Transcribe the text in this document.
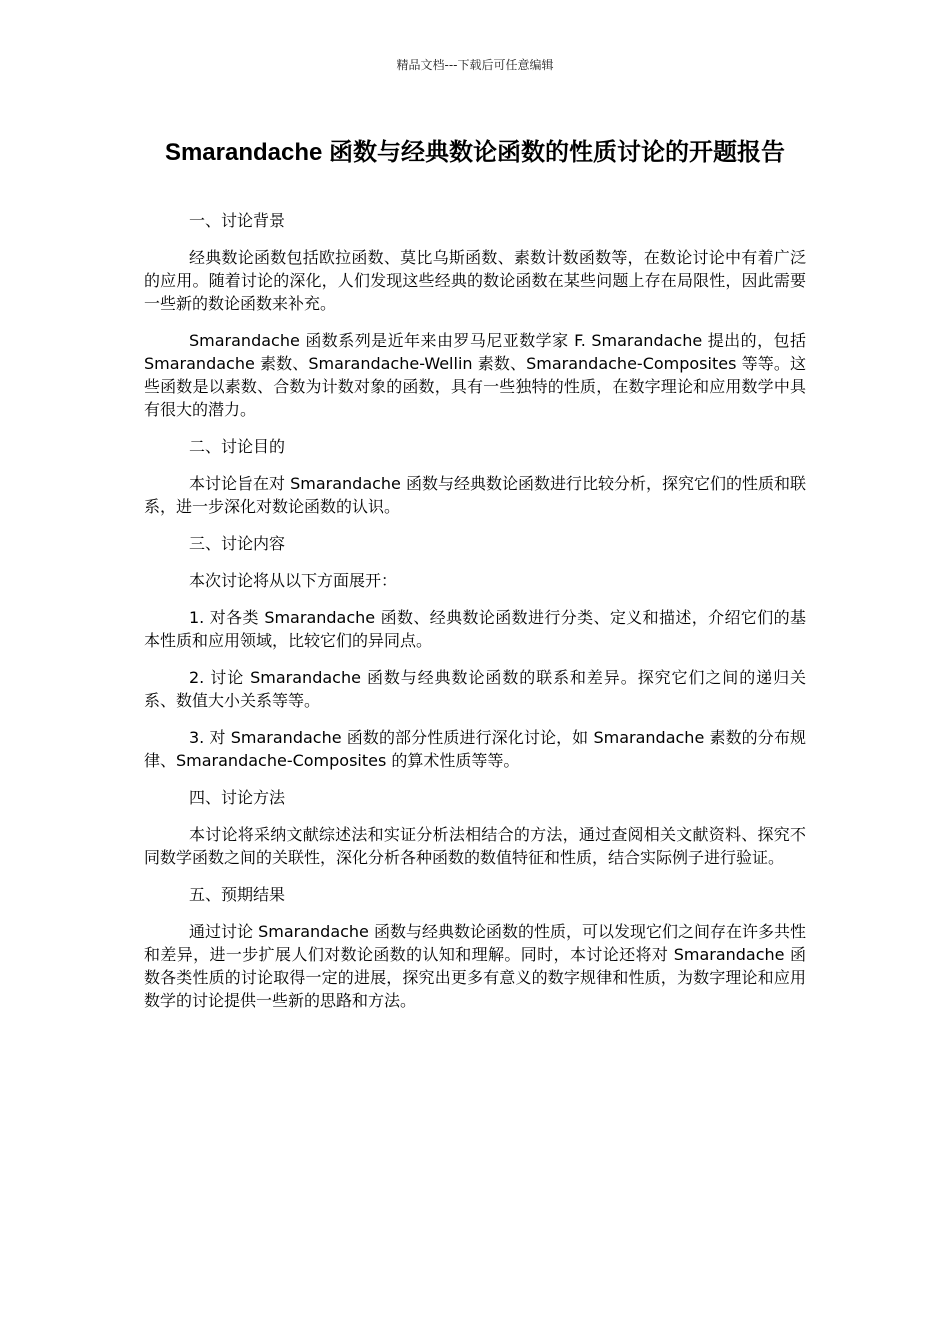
精品文档---下载后可任意编辑
Smarandache 函数与经典数论函数的性质讨论的开题报告

一、讨论背景

经典数论函数包括欧拉函数、莫比乌斯函数、素数计数函数等，在数论讨论中有着广泛的应用。随着讨论的深化，人们发现这些经典的数论函数在某些问题上存在局限性，因此需要一些新的数论函数来补充。

Smarandache 函数系列是近年来由罗马尼亚数学家 F. Smarandache 提出的，包括 Smarandache 素数、Smarandache-Wellin 素数、Smarandache-Composites 等等。这些函数是以素数、合数为计数对象的函数，具有一些独特的性质，在数字理论和应用数学中具有很大的潜力。

二、讨论目的

本讨论旨在对 Smarandache 函数与经典数论函数进行比较分析，探究它们的性质和联系，进一步深化对数论函数的认识。

三、讨论内容

本次讨论将从以下方面展开：

1. 对各类 Smarandache 函数、经典数论函数进行分类、定义和描述，介绍它们的基本性质和应用领域，比较它们的异同点。

2. 讨论 Smarandache 函数与经典数论函数的联系和差异。探究它们之间的递归关系、数值大小关系等等。

3. 对 Smarandache 函数的部分性质进行深化讨论，如 Smarandache 素数的分布规律、Smarandache-Composites 的算术性质等等。

四、讨论方法

本讨论将采纳文献综述法和实证分析法相结合的方法，通过查阅相关文献资料、探究不同数学函数之间的关联性，深化分析各种函数的数值特征和性质，结合实际例子进行验证。

五、预期结果

通过讨论 Smarandache 函数与经典数论函数的性质，可以发现它们之间存在许多共性和差异，进一步扩展人们对数论函数的认知和理解。同时，本讨论还将对 Smarandache 函数各类性质的讨论取得一定的进展，探究出更多有意义的数字规律和性质，为数字理论和应用数学的讨论提供一些新的思路和方法。
